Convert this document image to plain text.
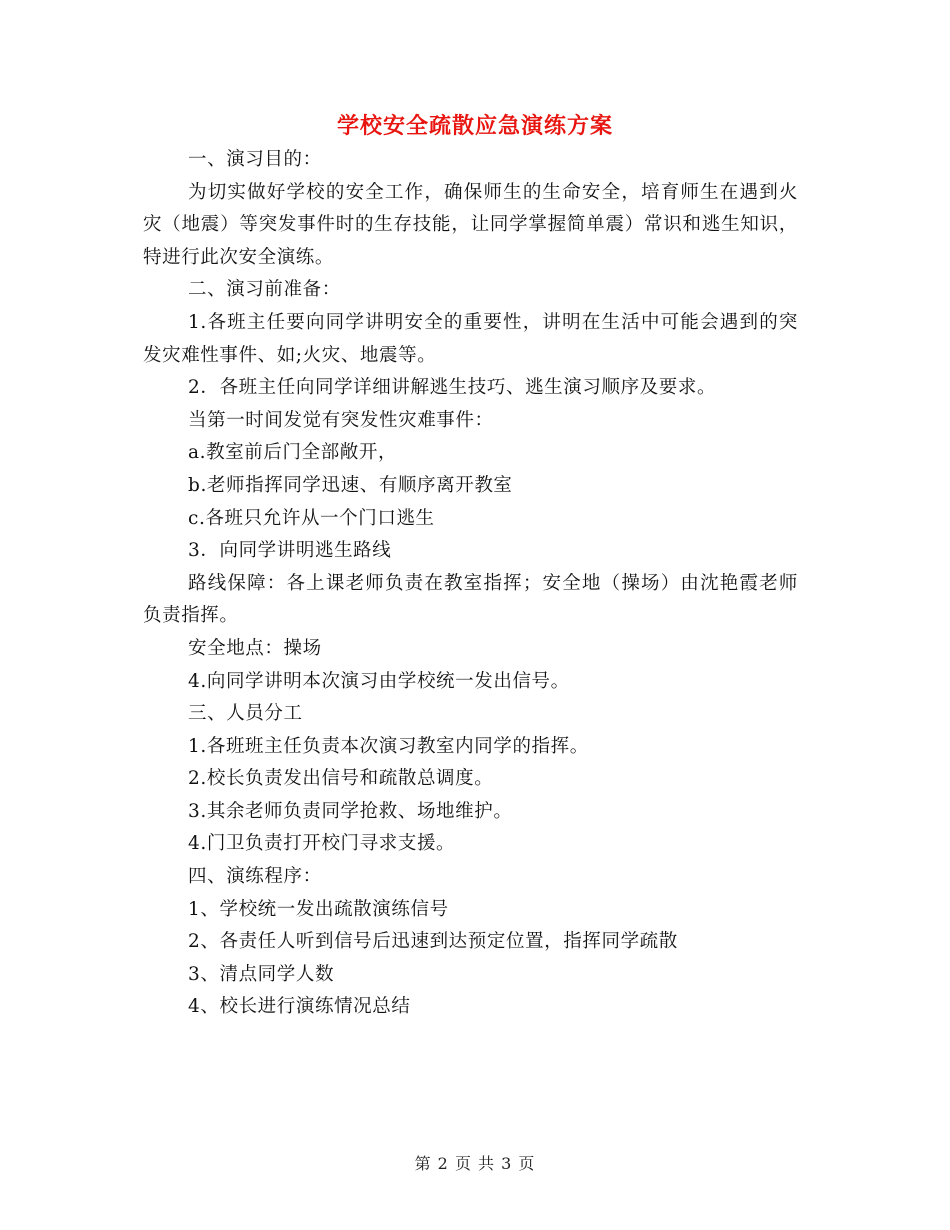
学校安全疏散应急演练方案
一、演习目的：
为切实做好学校的安全工作，确保师生的生命安全，培育师生在遇到火灾（地震）等突发事件时的生存技能，让同学掌握简单震）常识和逃生知识，特进行此次安全演练。
二、演习前准备：
1.各班主任要向同学讲明安全的重要性，讲明在生活中可能会遇到的突发灾难性事件、如;火灾、地震等。
2．各班主任向同学详细讲解逃生技巧、逃生演习顺序及要求。
当第一时间发觉有突发性灾难事件：
a.教室前后门全部敞开，
b.老师指挥同学迅速、有顺序离开教室
c.各班只允许从一个门口逃生
3．向同学讲明逃生路线
路线保障：各上课老师负责在教室指挥；安全地（操场）由沈艳霞老师负责指挥。
安全地点：操场
4.向同学讲明本次演习由学校统一发出信号。
三、人员分工
1.各班班主任负责本次演习教室内同学的指挥。
2.校长负责发出信号和疏散总调度。
3.其余老师负责同学抢救、场地维护。
4.门卫负责打开校门寻求支援。
四、演练程序：
1、学校统一发出疏散演练信号
2、各责任人听到信号后迅速到达预定位置，指挥同学疏散
3、清点同学人数
4、校长进行演练情况总结
第 2 页 共 3 页
